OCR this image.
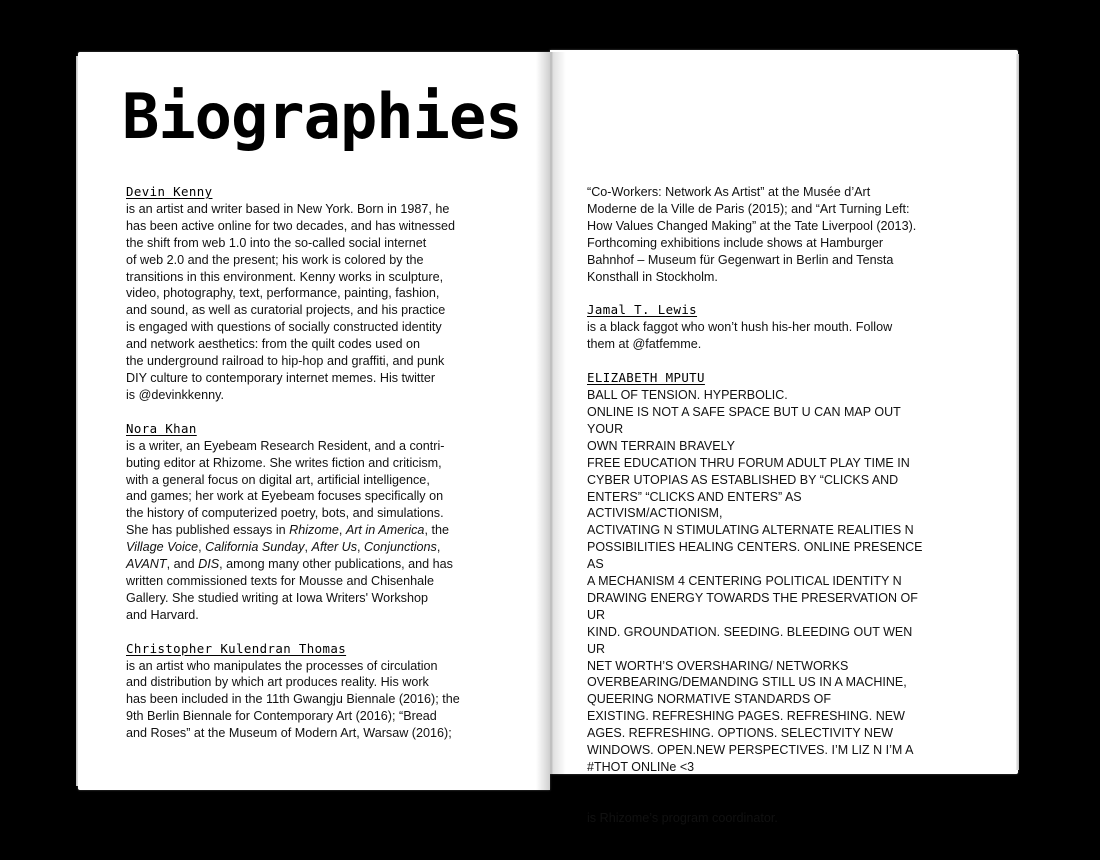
Biographies
Devin Kenny
is an artist and writer based in New York. Born in 1987, he
has been active online for two decades, and has witnessed
the shift from web 1.0 into the so-called social internet
of web 2.0 and the present; his work is colored by the
transitions in this environment. Kenny works in sculpture,
video, photography, text, performance, painting, fashion,
and sound, as well as curatorial projects, and his practice
is engaged with questions of socially constructed identity
and network aesthetics: from the quilt codes used on
the underground railroad to hip-hop and graffiti, and punk
DIY culture to contemporary internet memes. His twitter
is @devinkkenny.
Nora Khan
is a writer, an Eyebeam Research Resident, and a contri-
buting editor at Rhizome. She writes fiction and criticism,
with a general focus on digital art, artificial intelligence,
and games; her work at Eyebeam focuses specifically on
the history of computerized poetry, bots, and simulations.
She has published essays in Rhizome, Art in America, the
Village Voice, California Sunday, After Us, Conjunctions,
AVANT, and DIS, among many other publications, and has
written commissioned texts for Mousse and Chisenhale
Gallery. She studied writing at Iowa Writers' Workshop
and Harvard.
Christopher Kulendran Thomas
is an artist who manipulates the processes of circulation
and distribution by which art produces reality. His work
has been included in the 11th Gwangju Biennale (2016); the
9th Berlin Biennale for Contemporary Art (2016); “Bread
and Roses” at the Museum of Modern Art, Warsaw (2016);
“Co-Workers: Network As Artist” at the Musée d’Art
Moderne de la Ville de Paris (2015); and “Art Turning Left:
How Values Changed Making” at the Tate Liverpool (2013).
Forthcoming exhibitions include shows at Hamburger
Bahnhof – Museum für Gegenwart in Berlin and Tensta
Konsthall in Stockholm.
Jamal T. Lewis
is a black faggot who won’t hush his-her mouth. Follow
them at @fatfemme.
ELIZABETH MPUTU
BALL OF TENSION. HYPERBOLIC.
ONLINE IS NOT A SAFE SPACE BUT U CAN MAP OUT YOUR
OWN TERRAIN BRAVELY
FREE EDUCATION THRU FORUM ADULT PLAY TIME IN
CYBER UTOPIAS AS ESTABLISHED BY “CLICKS AND
ENTERS” “CLICKS AND ENTERS” AS ACTIVISM/ACTIONISM,
ACTIVATING N STIMULATING ALTERNATE REALITIES N
POSSIBILITIES HEALING CENTERS. ONLINE PRESENCE AS
A MECHANISM 4 CENTERING POLITICAL IDENTITY N
DRAWING ENERGY TOWARDS THE PRESERVATION OF UR
KIND. GROUNDATION. SEEDING. BLEEDING OUT WEN UR
NET WORTH’S OVERSHARING/ NETWORKS
OVERBEARING/DEMANDING STILL US IN A MACHINE,
QUEERING NORMATIVE STANDARDS OF
EXISTING. REFRESHING PAGES. REFRESHING. NEW
AGES. REFRESHING. OPTIONS. SELECTIVITY NEW
WINDOWS. OPEN.NEW PERSPECTIVES. I’M LIZ N I’M A
#THOT ONLINe <3
Kaela Noel
is Rhizome’s program coordinator.
